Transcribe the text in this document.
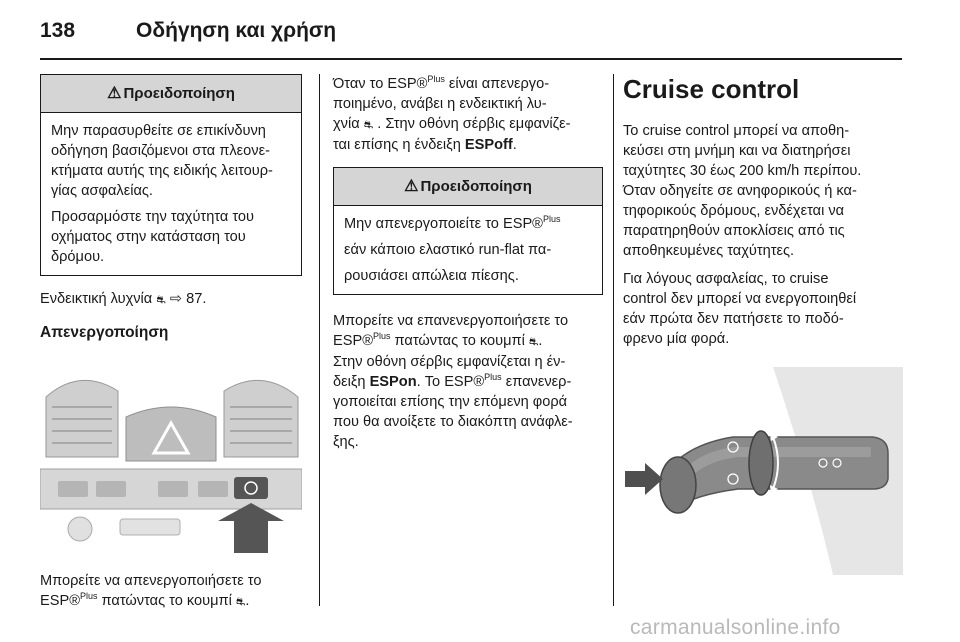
138	Οδήγηση και χρήση
⚠ Προειδοποίηση

Μην παρασυρθείτε σε επικίνδυνη οδήγηση βασιζόμενοι στα πλεονε-κτήματα αυτής της ειδικής λειτουρ-γίας ασφαλείας.

Προσαρμόστε την ταχύτητα του οχήματος στην κατάσταση του δρόμου.

Ενδεικτική λυχνία ⛐ ⇨ 87.

Απενεργοποίηση

Μπορείτε να απενεργοποιήσετε το

ESP®$^{Plus}$ πατώντας το κουμπί ⛐.

Όταν το ESP®$^{Plus}$ είναι απενεργο-

ποιημένο, ανάβει η ενδεικτική λυ-

χνία ⛐ . Στην οθόνη σέρβις εμφανίζε-

ται επίσης η ένδειξη ESPoff.

⚠ Προειδοποίηση

Μην απενεργοποιείτε το ESP®$^{Plus}$

εάν κάποιο ελαστικό run-flat πα-

ρουσιάσει απώλεια πίεσης.

Μπορείτε να επανενεργοποιήσετε το

ESP®$^{Plus}$ πατώντας το κουμπί ⛐.

Στην οθόνη σέρβις εμφανίζεται η έν-

δειξη ESPon. Το ESP®$^{Plus}$ επανενερ-

γοποιείται επίσης την επόμενη φορά

που θα ανοίξετε το διακόπτη ανάφλε-

ξης.

Cruise control

Το cruise control μπορεί να αποθη-

κεύσει στη μνήμη και να διατηρήσει

ταχύτητες 30 έως 200 km/h περίπου.

Όταν οδηγείτε σε ανηφορικούς ή κα-

τηφορικούς δρόμους, ενδέχεται να

παρατηρηθούν αποκλίσεις από τις

αποθηκευμένες ταχύτητες.

Για λόγους ασφαλείας, το cruise

control δεν μπορεί να ενεργοποιηθεί

εάν πρώτα δεν πατήσετε το ποδό-

φρενο μία φορά.

carmanualsonline.info
